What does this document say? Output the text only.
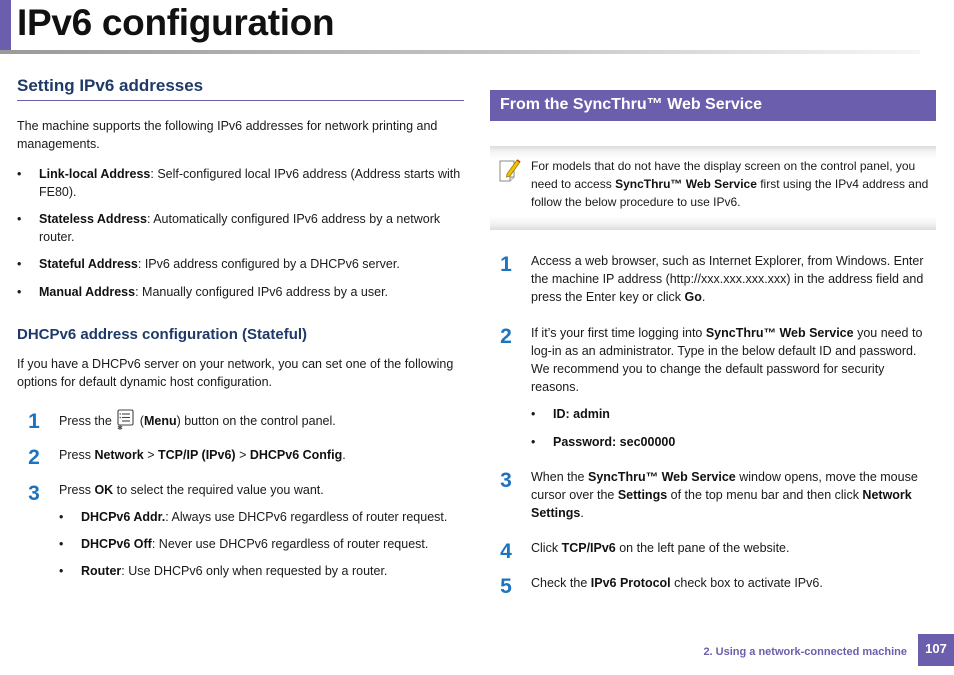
IPv6 configuration
Setting IPv6 addresses

The machine supports the following IPv6 addresses for network printing and managements.

• Link-local Address: Self-configured local IPv6 address (Address starts with FE80).
• Stateless Address: Automatically configured IPv6 address by a network router.
• Stateful Address: IPv6 address configured by a DHCPv6 server.
• Manual Address: Manually configured IPv6 address by a user.
DHCPv6 address configuration (Stateful)

If you have a DHCPv6 server on your network, you can set one of the following options for default dynamic host configuration.

1	Press the (Menu) button on the control panel.

2	Press Network > TCP/IP (IPv6) > DHCPv6 Config.

3	Press OK to select the required value you want.

• DHCPv6 Addr.: Always use DHCPv6 regardless of router request.
• DHCPv6 Off: Never use DHCPv6 regardless of router request.
• Router: Use DHCPv6 only when requested by a router.
From the SyncThru™ Web Service

For models that do not have the display screen on the control panel, you need to access SyncThru™ Web Service first using the IPv4 address and follow the below procedure to use IPv6.

1	Access a web browser, such as Internet Explorer, from Windows. Enter the machine IP address (http://xxx.xxx.xxx.xxx) in the address field and press the Enter key or click Go.

2	If it’s your first time logging into SyncThru™ Web Service you need to log-in as an administrator. Type in the below default ID and password. We recommend you to change the default password for security reasons.

• ID: admin
• Password: sec00000
3	When the SyncThru™ Web Service window opens, move the mouse cursor over the Settings of the top menu bar and then click Network Settings.

4	Click TCP/IPv6 on the left pane of the website.

5	Check the IPv6 Protocol check box to activate IPv6.

2. Using a network-connected machine	107
